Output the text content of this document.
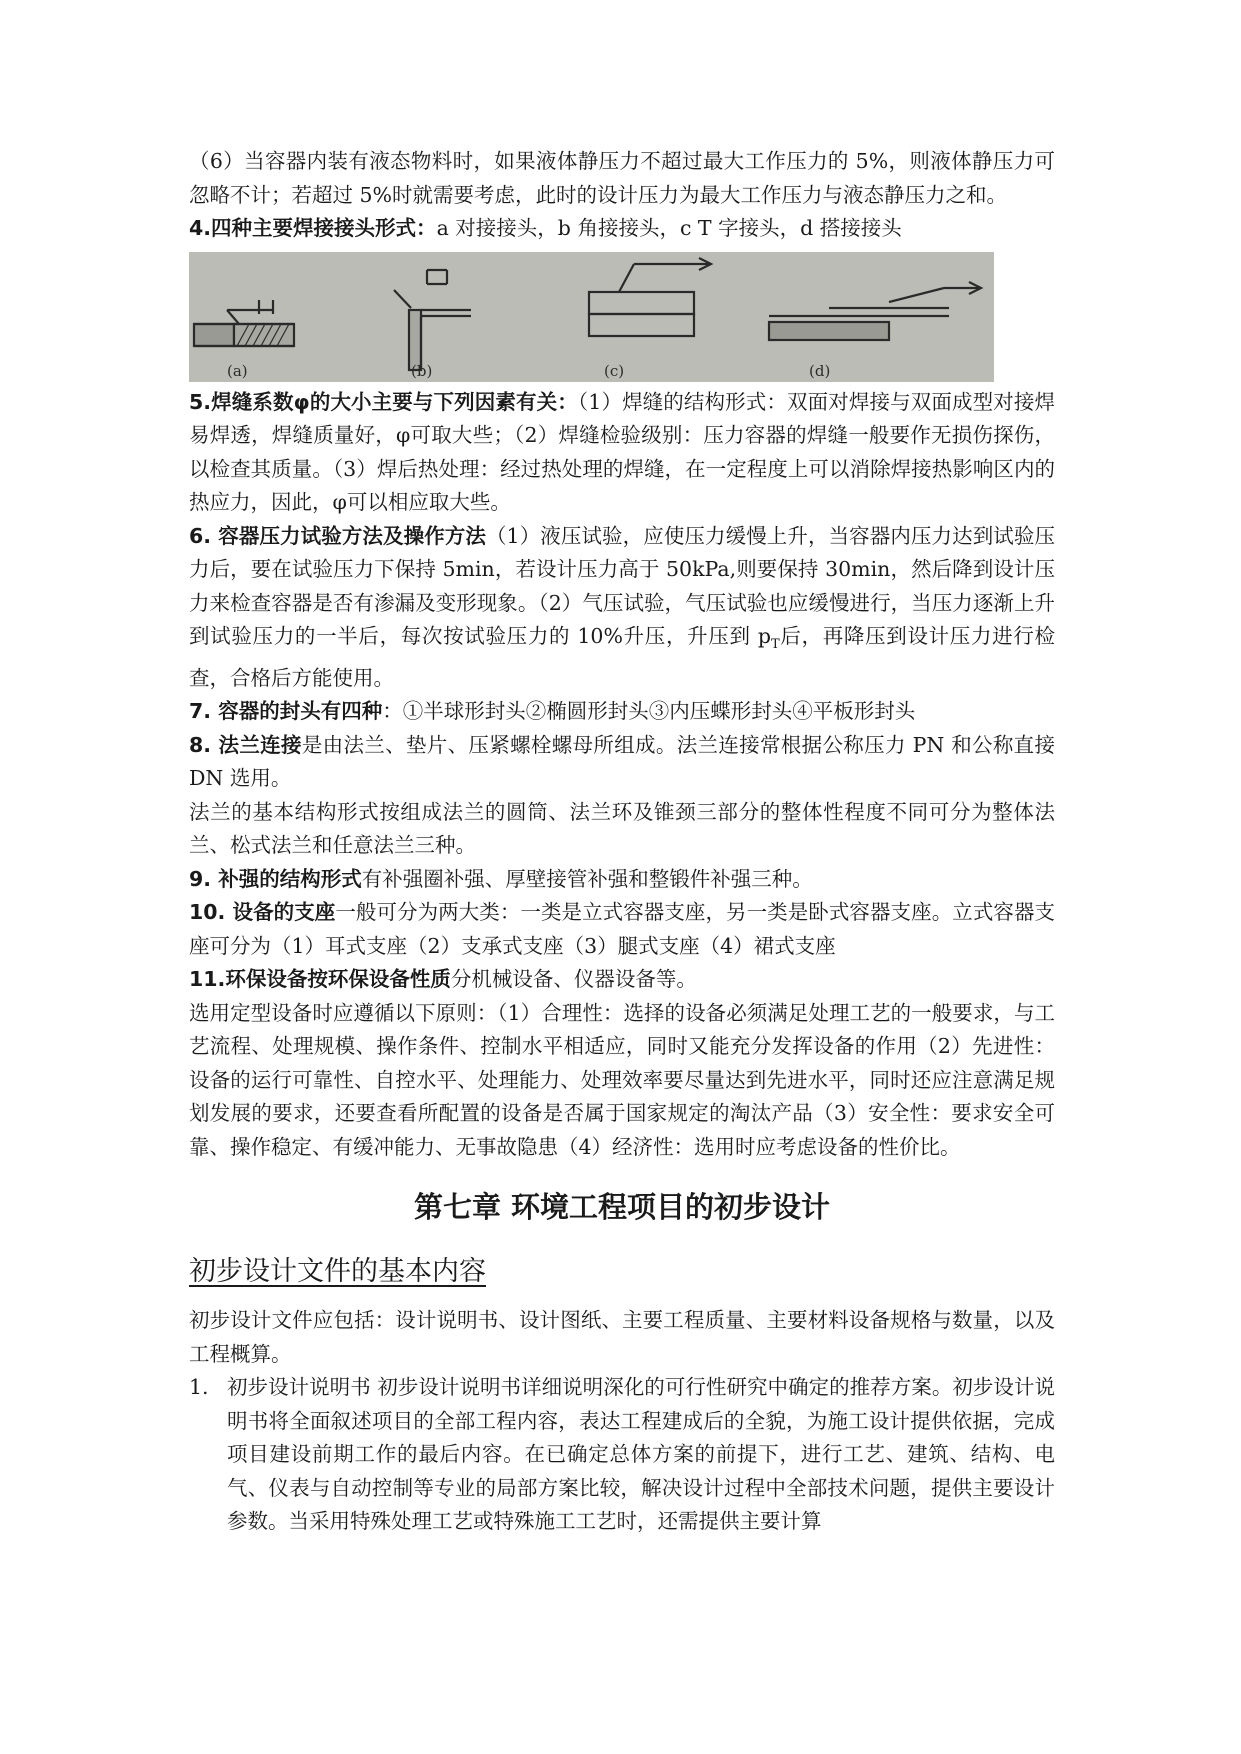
（6）当容器内装有液态物料时，如果液体静压力不超过最大工作压力的 5%，则液体静压力可忽略不计；若超过 5%时就需要考虑，此时的设计压力为最大工作压力与液态静压力之和。

4.四种主要焊接接头形式：a 对接接头，b 角接接头，c T 字接头，d 搭接接头

(a)	(b)	(c)	(d)

5.焊缝系数φ的大小主要与下列因素有关：（1）焊缝的结构形式：双面对焊接与双面成型对接焊易焊透，焊缝质量好，φ可取大些；（2）焊缝检验级别：压力容器的焊缝一般要作无损伤探伤，以检查其质量。（3）焊后热处理：经过热处理的焊缝，在一定程度上可以消除焊接热影响区内的热应力，因此，φ可以相应取大些。

6. 容器压力试验方法及操作方法（1）液压试验，应使压力缓慢上升，当容器内压力达到试验压力后，要在试验压力下保持 5min，若设计压力高于 50kPa,则要保持 30min，然后降到设计压力来检查容器是否有渗漏及变形现象。（2）气压试验，气压试验也应缓慢进行，当压力逐渐上升到试验压力的一半后，每次按试验压力的 10%升压，升压到 $p_T$后，再降压到设计压力进行检查，合格后方能使用。

7. 容器的封头有四种：①半球形封头②椭圆形封头③内压蝶形封头④平板形封头

8. 法兰连接是由法兰、垫片、压紧螺栓螺母所组成。法兰连接常根据公称压力 PN 和公称直接 DN 选用。

法兰的基本结构形式按组成法兰的圆筒、法兰环及锥颈三部分的整体性程度不同可分为整体法兰、松式法兰和任意法兰三种。

9. 补强的结构形式有补强圈补强、厚壁接管补强和整锻件补强三种。

10. 设备的支座一般可分为两大类：一类是立式容器支座，另一类是卧式容器支座。立式容器支座可分为（1）耳式支座（2）支承式支座（3）腿式支座（4）裙式支座

11.环保设备按环保设备性质分机械设备、仪器设备等。

选用定型设备时应遵循以下原则：（1）合理性：选择的设备必须满足处理工艺的一般要求，与工艺流程、处理规模、操作条件、控制水平相适应，同时又能充分发挥设备的作用（2）先进性：设备的运行可靠性、自控水平、处理能力、处理效率要尽量达到先进水平，同时还应注意满足规划发展的要求，还要查看所配置的设备是否属于国家规定的淘汰产品（3）安全性：要求安全可靠、操作稳定、有缓冲能力、无事故隐患（4）经济性：选用时应考虑设备的性价比。

第七章 环境工程项目的初步设计
初步设计文件的基本内容

初步设计文件应包括：设计说明书、设计图纸、主要工程质量、主要材料设备规格与数量，以及工程概算。

1. 初步设计说明书 初步设计说明书详细说明深化的可行性研究中确定的推荐方案。初步设计说明书将全面叙述项目的全部工程内容，表达工程建成后的全貌，为施工设计提供依据，完成项目建设前期工作的最后内容。在已确定总体方案的前提下，进行工艺、建筑、结构、电气、仪表与自动控制等专业的局部方案比较，解决设计过程中全部技术问题，提供主要设计参数。当采用特殊处理工艺或特殊施工工艺时，还需提供主要计算
